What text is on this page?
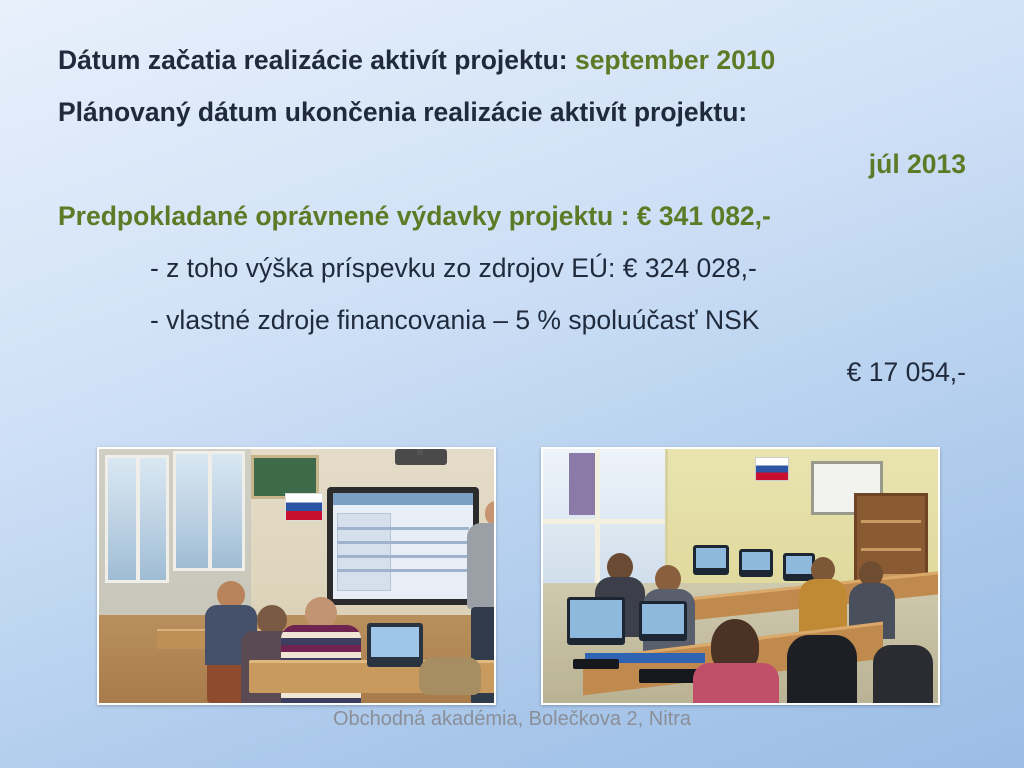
Dátum začatia realizácie aktivít projektu: september 2010
Plánovaný dátum ukončenia realizácie aktivít projektu:
júl 2013
Predpokladané oprávnené výdavky projektu : € 341 082,-
- z toho výška príspevku zo zdrojov EÚ: € 324 028,-
- vlastné zdroje financovania – 5 % spoluúčasť NSK
€ 17 054,-
Obchodná akadémia, Bolečkova 2, Nitra
